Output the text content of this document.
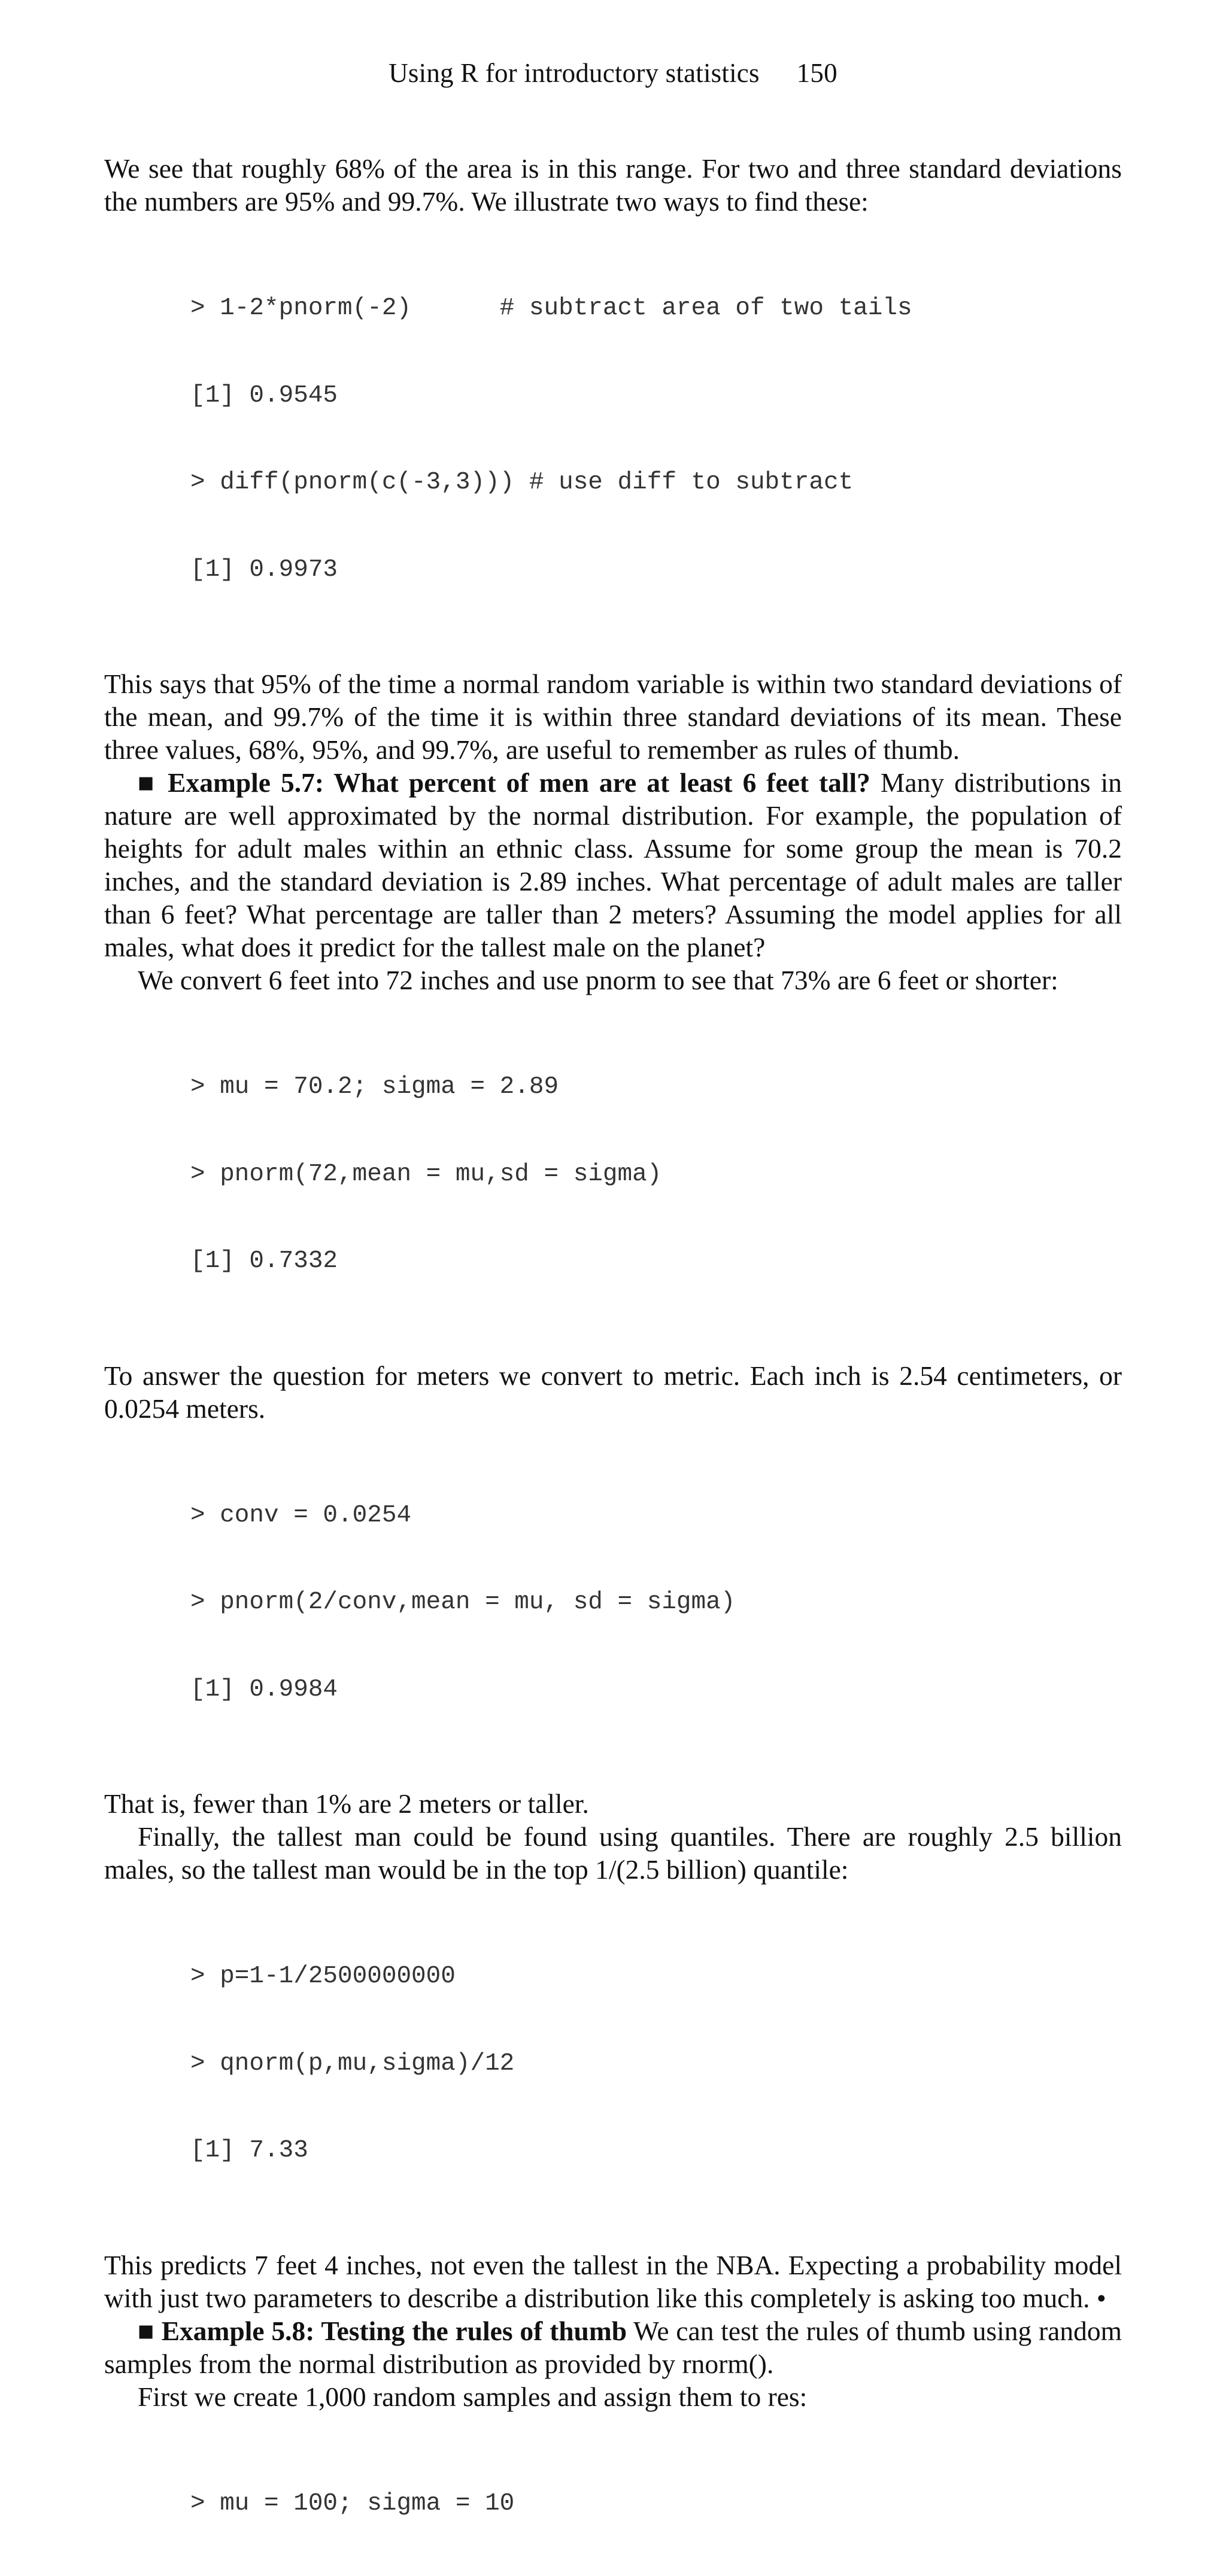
Using R for introductory statistics 150

We see that roughly 68% of the area is in this range. For two and three standard deviations the numbers are 95% and 99.7%. We illustrate two ways to find these:

> 1-2*pnorm(-2)      # subtract area of two tails

[1] 0.9545

> diff(pnorm(c(-3,3))) # use diff to subtract

[1] 0.9973

This says that 95% of the time a normal random variable is within two standard deviations of the mean, and 99.7% of the time it is within three standard deviations of its mean. These three values, 68%, 95%, and 99.7%, are useful to remember as rules of thumb.

■ Example 5.7: What percent of men are at least 6 feet tall? Many distributions in nature are well approximated by the normal distribution. For example, the population of heights for adult males within an ethnic class. Assume for some group the mean is 70.2 inches, and the standard deviation is 2.89 inches. What percentage of adult males are taller than 6 feet? What percentage are taller than 2 meters? Assuming the model applies for all males, what does it predict for the tallest male on the planet?

We convert 6 feet into 72 inches and use pnorm to see that 73% are 6 feet or shorter:

> mu = 70.2; sigma = 2.89

> pnorm(72,mean = mu,sd = sigma)

[1] 0.7332

To answer the question for meters we convert to metric. Each inch is 2.54 centimeters, or 0.0254 meters.

> conv = 0.0254

> pnorm(2/conv,mean = mu, sd = sigma)

[1] 0.9984

That is, fewer than 1% are 2 meters or taller.

Finally, the tallest man could be found using quantiles. There are roughly 2.5 billion males, so the tallest man would be in the top 1/(2.5 billion) quantile:

> p=1-1/2500000000

> qnorm(p,mu,sigma)/12

[1] 7.33

This predicts 7 feet 4 inches, not even the tallest in the NBA. Expecting a probability model with just two parameters to describe a distribution like this completely is asking too much. •

■ Example 5.8: Testing the rules of thumb We can test the rules of thumb using random samples from the normal distribution as provided by rnorm().

First we create 1,000 random samples and assign them to res:

> mu = 100; sigma = 10
